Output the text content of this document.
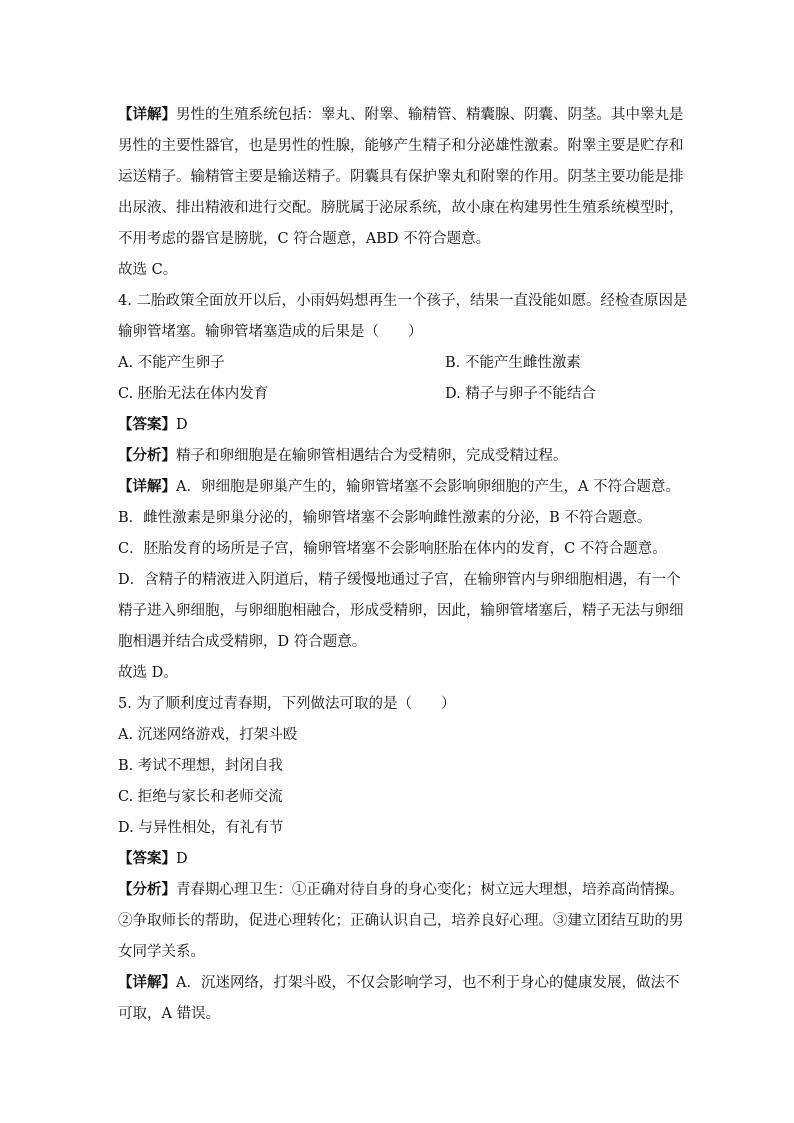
【详解】男性的生殖系统包括：睾丸、附睾、输精管、精囊腺、阴囊、阴茎。其中睾丸是
男性的主要性器官，也是男性的性腺，能够产生精子和分泌雄性激素。附睾主要是贮存和
运送精子。输精管主要是输送精子。阴囊具有保护睾丸和附睾的作用。阴茎主要功能是排
出尿液、排出精液和进行交配。膀胱属于泌尿系统，故小康在构建男性生殖系统模型时，
不用考虑的器官是膀胱，C 符合题意，ABD 不符合题意。
故选 C。
4. 二胎政策全面放开以后，小雨妈妈想再生一个孩子，结果一直没能如愿。经检查原因是
输卵管堵塞。输卵管堵塞造成的后果是（　　）
A. 不能产生卵子	B. 不能产生雌性激素
C. 胚胎无法在体内发育	D. 精子与卵子不能结合
【答案】D
【分析】精子和卵细胞是在输卵管相遇结合为受精卵，完成受精过程。
【详解】A．卵细胞是卵巢产生的，输卵管堵塞不会影响卵细胞的产生，A 不符合题意。
B．雌性激素是卵巢分泌的，输卵管堵塞不会影响雌性激素的分泌，B 不符合题意。
C．胚胎发育的场所是子宫，输卵管堵塞不会影响胚胎在体内的发育，C 不符合题意。
D．含精子的精液进入阴道后，精子缓慢地通过子宫，在输卵管内与卵细胞相遇，有一个
精子进入卵细胞，与卵细胞相融合，形成受精卵，因此，输卵管堵塞后，精子无法与卵细
胞相遇并结合成受精卵，D 符合题意。
故选 D。
5. 为了顺利度过青春期，下列做法可取的是（　　）
A. 沉迷网络游戏，打架斗殴
B. 考试不理想，封闭自我
C. 拒绝与家长和老师交流
D. 与异性相处，有礼有节
【答案】D
【分析】青春期心理卫生：①正确对待自身的身心变化；树立远大理想，培养高尚情操。
②争取师长的帮助，促进心理转化；正确认识自己，培养良好心理。③建立团结互助的男
女同学关系。
【详解】A．沉迷网络，打架斗殴，不仅会影响学习，也不利于身心的健康发展，做法不
可取，A 错误。
